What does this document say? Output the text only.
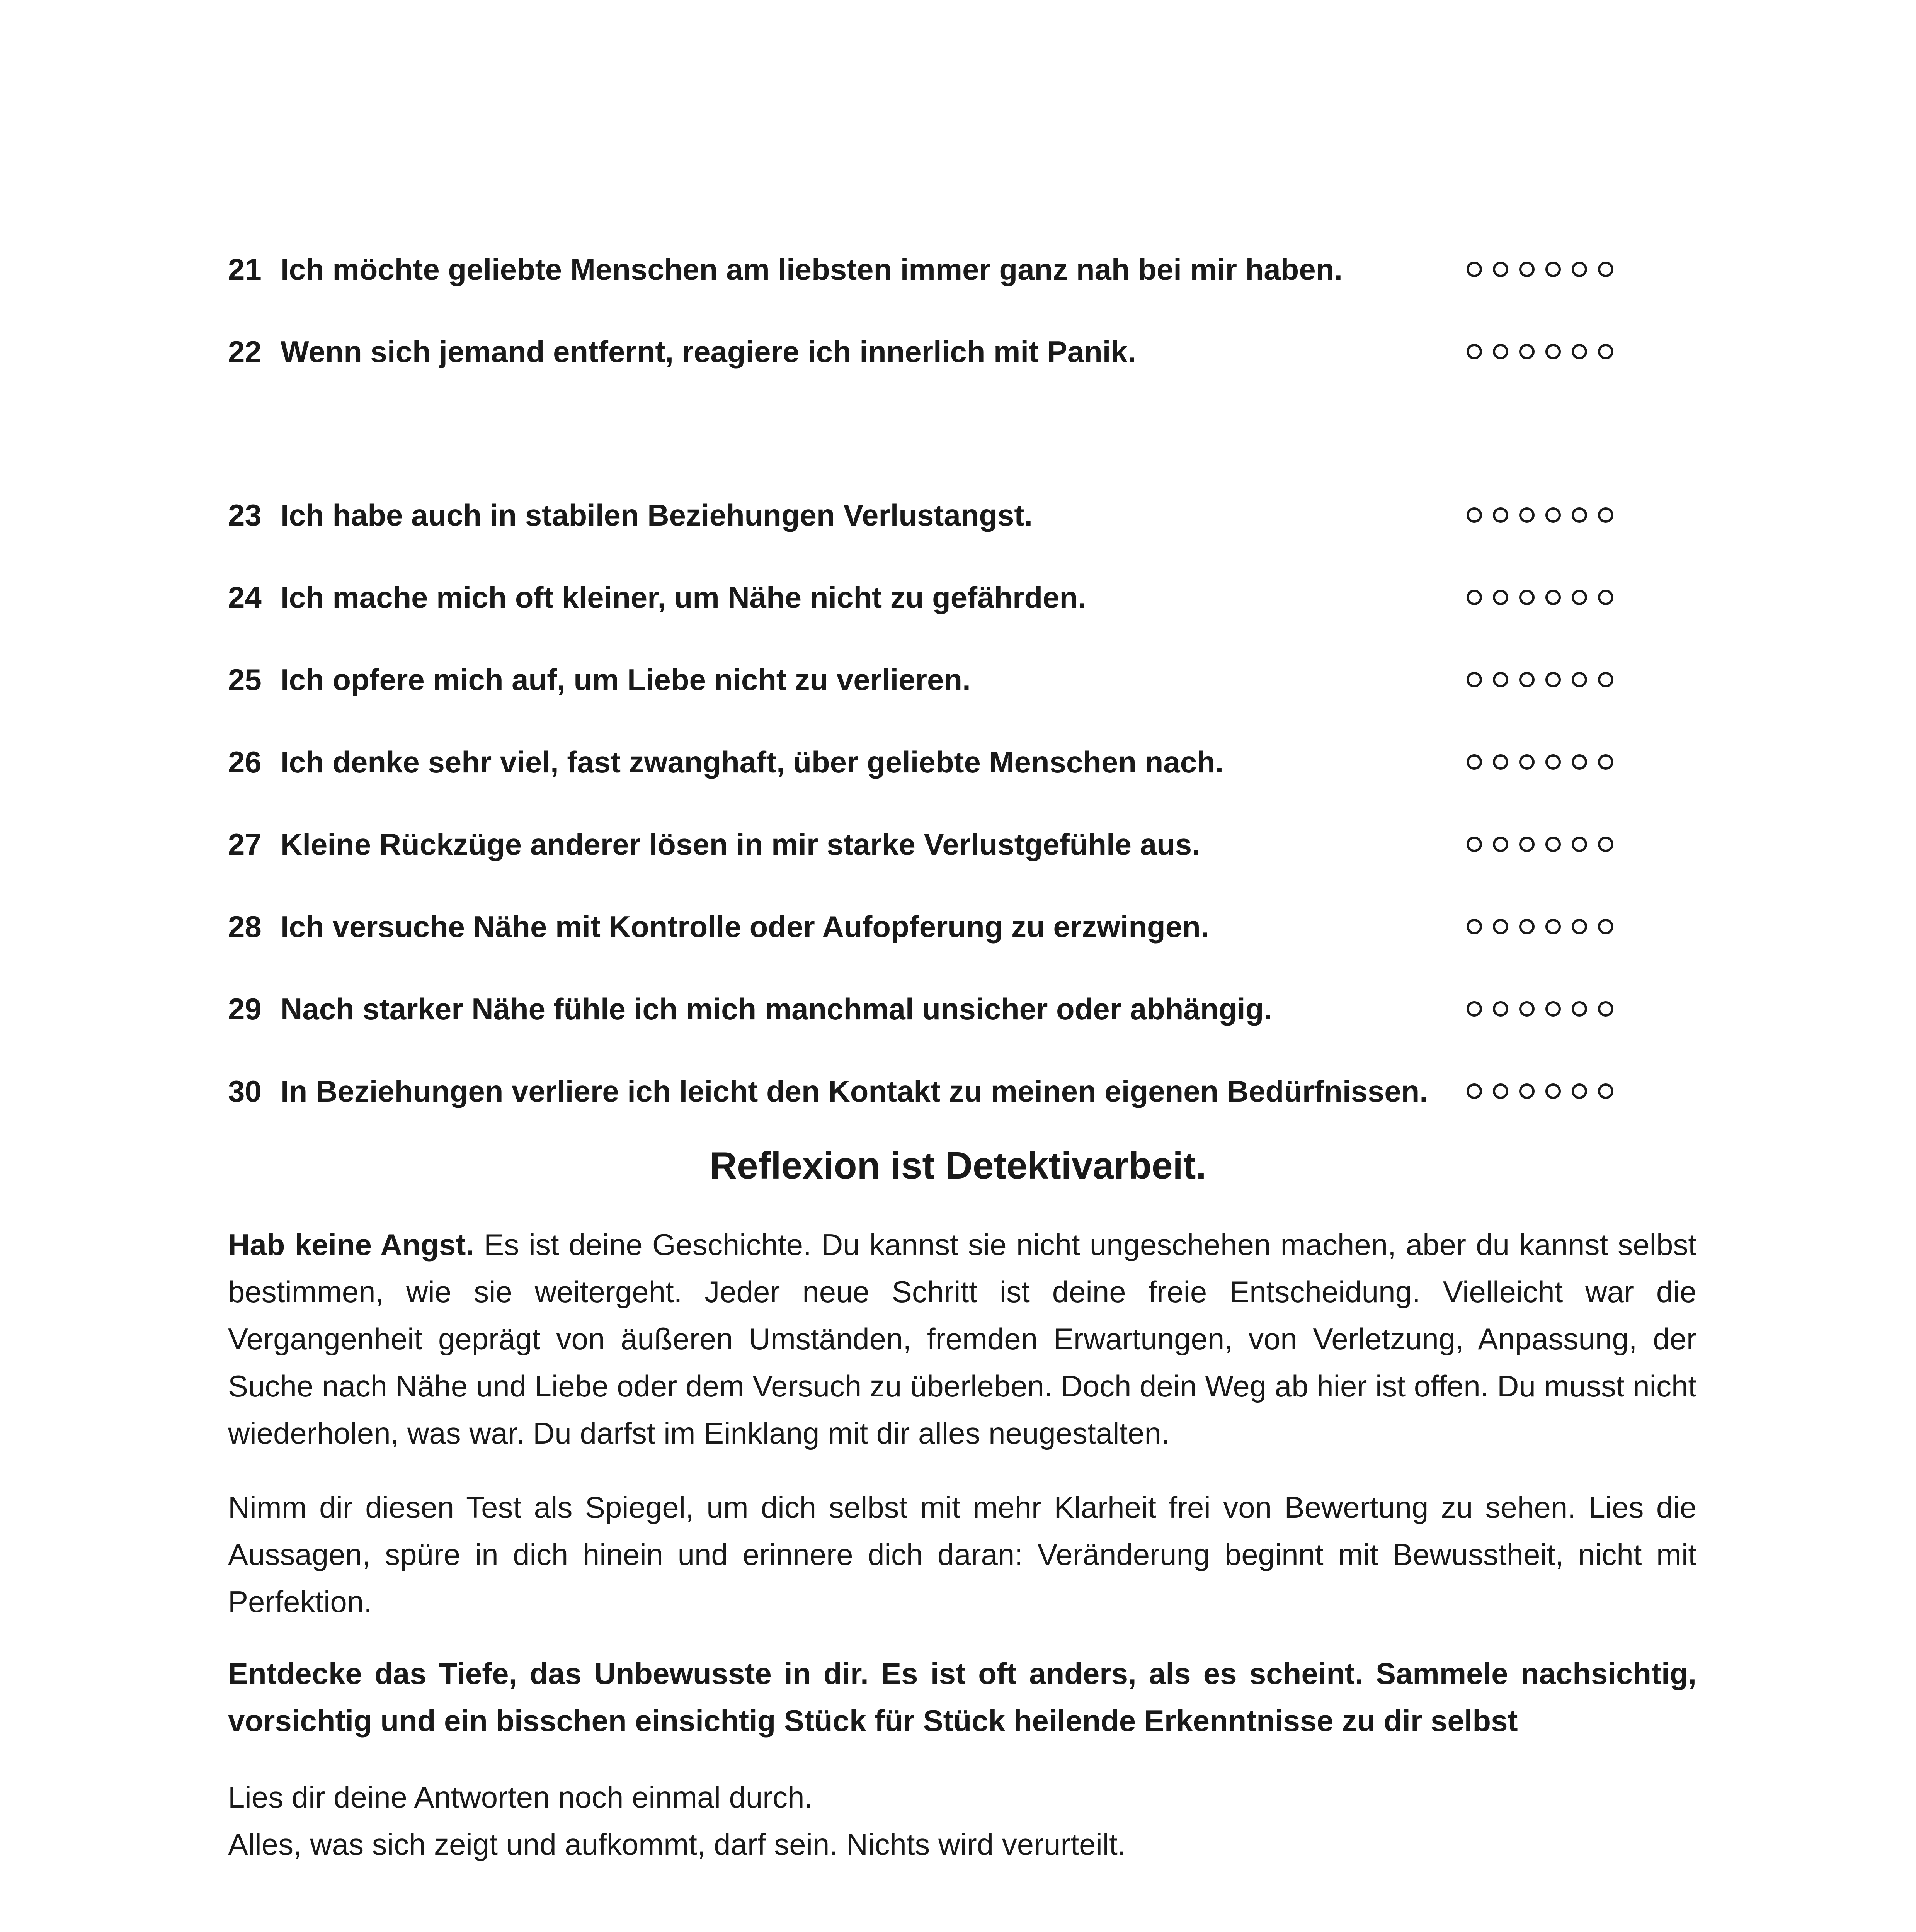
21 Ich möchte geliebte Menschen am liebsten immer ganz nah bei mir haben.
22 Wenn sich jemand entfernt, reagiere ich innerlich mit Panik.
23 Ich habe auch in stabilen Beziehungen Verlustangst.
24 Ich mache mich oft kleiner, um Nähe nicht zu gefährden.
25 Ich opfere mich auf, um Liebe nicht zu verlieren.
26 Ich denke sehr viel, fast zwanghaft, über geliebte Menschen nach.
27 Kleine Rückzüge anderer lösen in mir starke Verlustgefühle aus.
28 Ich versuche Nähe mit Kontrolle oder Aufopferung zu erzwingen.
29 Nach starker Nähe fühle ich mich manchmal unsicher oder abhängig.
30 In Beziehungen verliere ich leicht den Kontakt zu meinen eigenen Bedürfnissen.
Reflexion ist Detektivarbeit.

Hab keine Angst. Es ist deine Geschichte. Du kannst sie nicht ungeschehen machen, aber du kannst selbst bestimmen, wie sie weitergeht. Jeder neue Schritt ist deine freie Entscheidung. Vielleicht war die Vergangenheit geprägt von äußeren Umständen, fremden Erwartungen, von Verletzung, Anpassung, der Suche nach Nähe und Liebe oder dem Versuch zu überleben. Doch dein Weg ab hier ist offen. Du musst nicht wiederholen, was war. Du darfst im Einklang mit dir alles neugestalten.

Nimm dir diesen Test als Spiegel, um dich selbst mit mehr Klarheit frei von Bewertung zu sehen. Lies die Aussagen, spüre in dich hinein und erinnere dich daran: Veränderung beginnt mit Bewusstheit, nicht mit Perfektion.

Entdecke das Tiefe, das Unbewusste in dir. Es ist oft anders, als es scheint. Sammele nachsichtig, vorsichtig und ein bisschen einsichtig Stück für Stück heilende Erkenntnisse zu dir selbst

Lies dir deine Antworten noch einmal durch.

Alles, was sich zeigt und aufkommt, darf sein. Nichts wird verurteilt.
